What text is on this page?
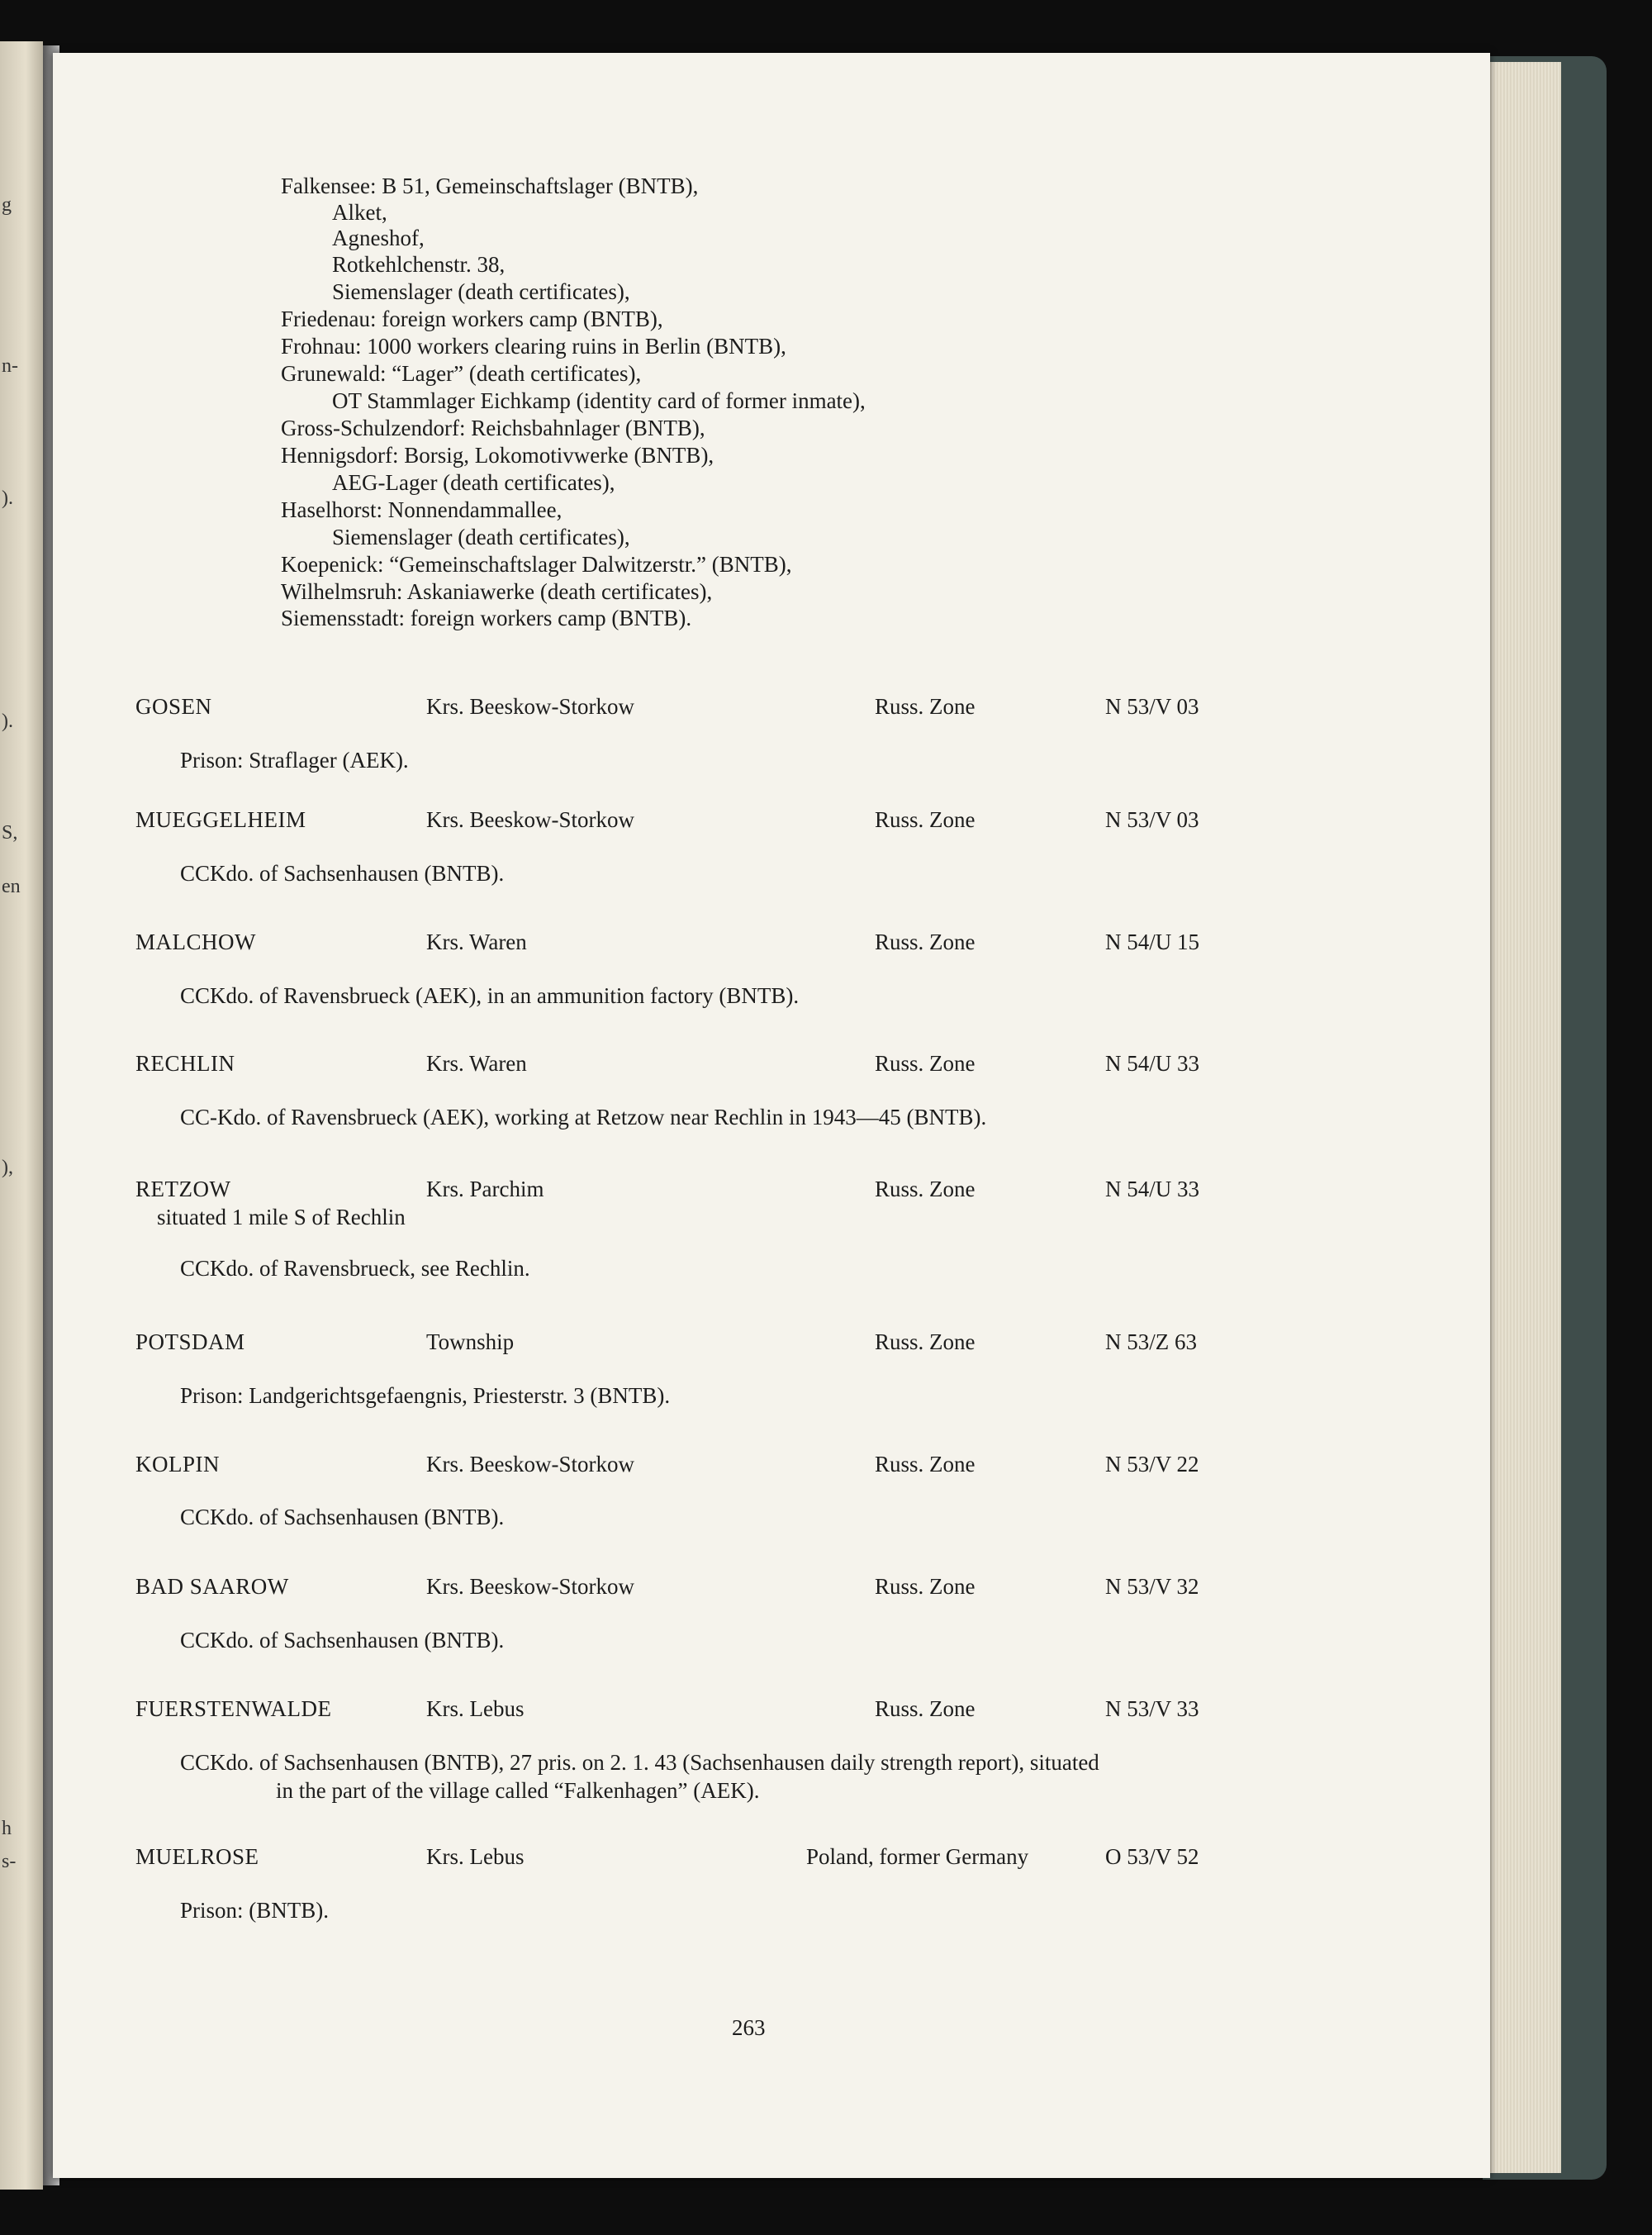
g
n-
).
).
S,
en
),
h
s-
Falkensee: B 51, Gemeinschaftslager (BNTB),
Alket,
Agneshof,
Rotkehlchenstr. 38,
Siemenslager (death certificates),
Friedenau: foreign workers camp (BNTB),
Frohnau: 1000 workers clearing ruins in Berlin (BNTB),
Grunewald: “Lager” (death certificates),
OT Stammlager Eichkamp (identity card of former inmate),
Gross-Schulzendorf: Reichsbahnlager (BNTB),
Hennigsdorf: Borsig, Lokomotivwerke (BNTB),
AEG-Lager (death certificates),
Haselhorst: Nonnendammallee,
Siemenslager (death certificates),
Koepenick: “Gemeinschaftslager Dalwitzerstr.” (BNTB),
Wilhelmsruh: Askaniawerke (death certificates),
Siemensstadt: foreign workers camp (BNTB).
GOSEN	Krs. Beeskow-Storkow	Russ. Zone	N 53/V 03
Prison: Straflager (AEK).
MUEGGELHEIM	Krs. Beeskow-Storkow	Russ. Zone	N 53/V 03
CCKdo. of Sachsenhausen (BNTB).
MALCHOW	Krs. Waren	Russ. Zone	N 54/U 15
CCKdo. of Ravensbrueck (AEK), in an ammunition factory (BNTB).
RECHLIN	Krs. Waren	Russ. Zone	N 54/U 33
CC-Kdo. of Ravensbrueck (AEK), working at Retzow near Rechlin in 1943—45 (BNTB).
RETZOW	Krs. Parchim	Russ. Zone	N 54/U 33
situated 1 mile S of Rechlin
CCKdo. of Ravensbrueck, see Rechlin.
POTSDAM	Township	Russ. Zone	N 53/Z 63
Prison: Landgerichtsgefaengnis, Priesterstr. 3 (BNTB).
KOLPIN	Krs. Beeskow-Storkow	Russ. Zone	N 53/V 22
CCKdo. of Sachsenhausen (BNTB).
BAD SAAROW	Krs. Beeskow-Storkow	Russ. Zone	N 53/V 32
CCKdo. of Sachsenhausen (BNTB).
FUERSTENWALDE	Krs. Lebus	Russ. Zone	N 53/V 33
CCKdo. of Sachsenhausen (BNTB), 27 pris. on 2. 1. 43 (Sachsenhausen daily strength report), situated
in the part of the village called “Falkenhagen” (AEK).
MUELROSE	Krs. Lebus	Poland, former Germany	O 53/V 52
Prison: (BNTB).
263
